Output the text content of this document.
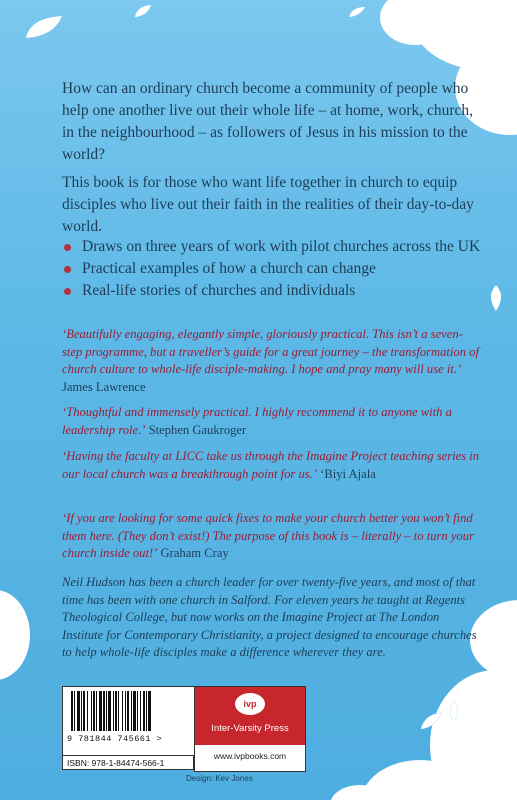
How can an ordinary church become a community of people who help one another live out their whole life – at home, work, church, in the neighbourhood – as followers of Jesus in his mission to the world?

This book is for those who want life together in church to equip disciples who live out their faith in the realities of their day-to-day world.

Draws on three years of work with pilot churches across the UK
Practical examples of how a church can change
Real-life stories of churches and individuals

‘Beautifully engaging, elegantly simple, gloriously practical. This isn’t a seven-step programme, but a traveller’s guide for a great journey – the transformation of church culture to whole-life disciple-making. I hope and pray many will use it.’ James Lawrence

‘Thoughtful and immensely practical. I highly recommend it to anyone with a leadership role.’ Stephen Gaukroger

‘Having the faculty at LICC take us through the Imagine Project teaching series in our local church was a breakthrough point for us.’ ‘Biyi Ajala

‘If you are looking for some quick fixes to make your church better you won’t find them here. (They don’t exist!) The purpose of this book is – literally – to turn your church inside out!’ Graham Cray

Neil Hudson has been a church leader for over twenty-five years, and most of that time has been with one church in Salford. For eleven years he taught at Regents Theological College, but now works on the Imagine Project at The London Institute for Contemporary Christianity, a project designed to encourage churches to help whole-life disciples make a difference wherever they are.

9 781844 745661 >
ISBN: 978-1-84474-566-1
ivp
Inter-Varsity Press
www.ivpbooks.com
Design: Kev Jones
